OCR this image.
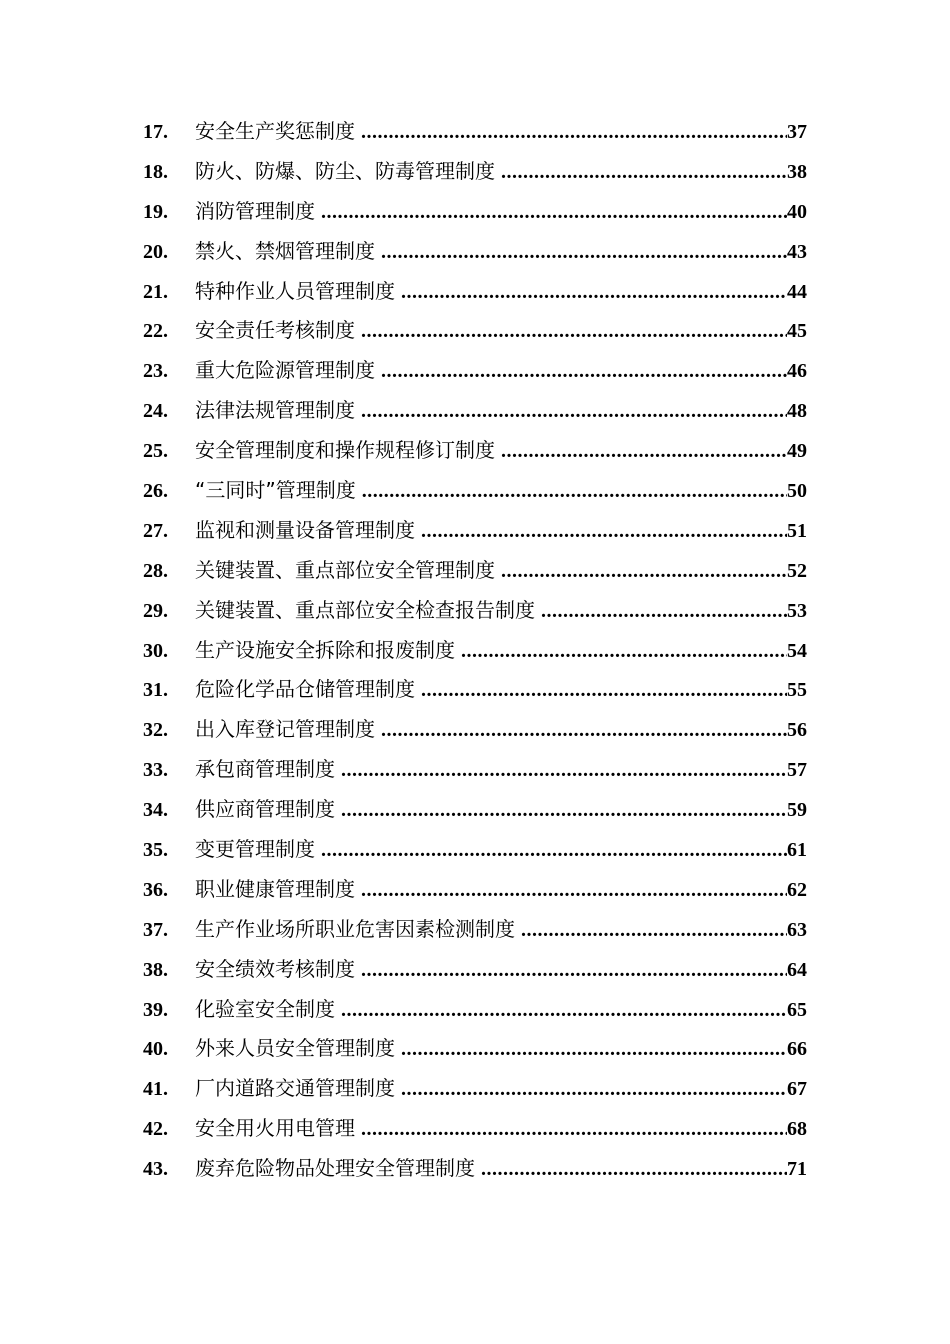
17.	安全生产奖惩制度 .....	37
18.	防火、防爆、防尘、防毒管理制度 .....	38
19.	消防管理制度 .....	40
20.	禁火、禁烟管理制度 .....	43
21.	特种作业人员管理制度 .....	44
22.	安全责任考核制度 .....	45
23.	重大危险源管理制度 .....	46
24.	法律法规管理制度 .....	48
25.	安全管理制度和操作规程修订制度 .....	49
26.	“三同时”管理制度 .....	50
27.	监视和测量设备管理制度 .....	51
28.	关键装置、重点部位安全管理制度 .....	52
29.	关键装置、重点部位安全检查报告制度 .....	53
30.	生产设施安全拆除和报废制度 .....	54
31.	危险化学品仓储管理制度 .....	55
32.	出入库登记管理制度 .....	56
33.	承包商管理制度 .....	57
34.	供应商管理制度 .....	59
35.	变更管理制度 .....	61
36.	职业健康管理制度 .....	62
37.	生产作业场所职业危害因素检测制度 .....	63
38.	安全绩效考核制度 .....	64
39.	化验室安全制度 .....	65
40.	外来人员安全管理制度 .....	66
41.	厂内道路交通管理制度 .....	67
42.	安全用火用电管理 .....	68
43.	废弃危险物品处理安全管理制度 .....	71
